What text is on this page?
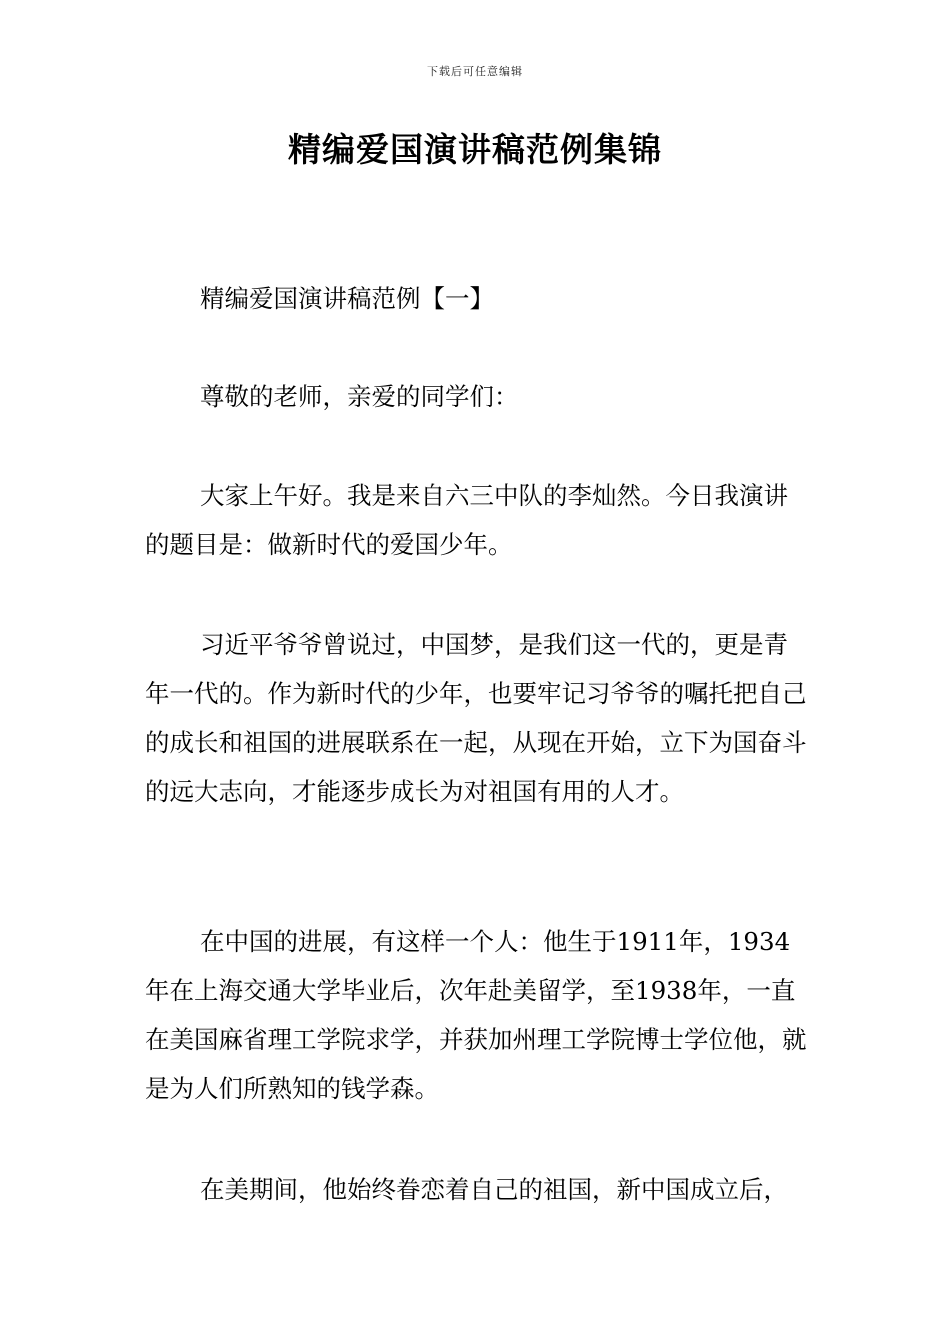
下载后可任意编辑
精编爱国演讲稿范例集锦

精编爱国演讲稿范例【一】

尊敬的老师，亲爱的同学们：

大家上午好。我是来自六三中队的李灿然。今日我演讲的题目是：做新时代的爱国少年。

习近平爷爷曾说过，中国梦，是我们这一代的，更是青年一代的。作为新时代的少年，也要牢记习爷爷的嘱托把自己的成长和祖国的进展联系在一起，从现在开始，立下为国奋斗的远大志向，才能逐步成长为对祖国有用的人才。

在中国的进展，有这样一个人：他生于1911年，1934年在上海交通大学毕业后，次年赴美留学，至1938年，一直在美国麻省理工学院求学，并获加州理工学院博士学位他，就是为人们所熟知的钱学森。

在美期间，他始终眷恋着自己的祖国，新中国成立后，
